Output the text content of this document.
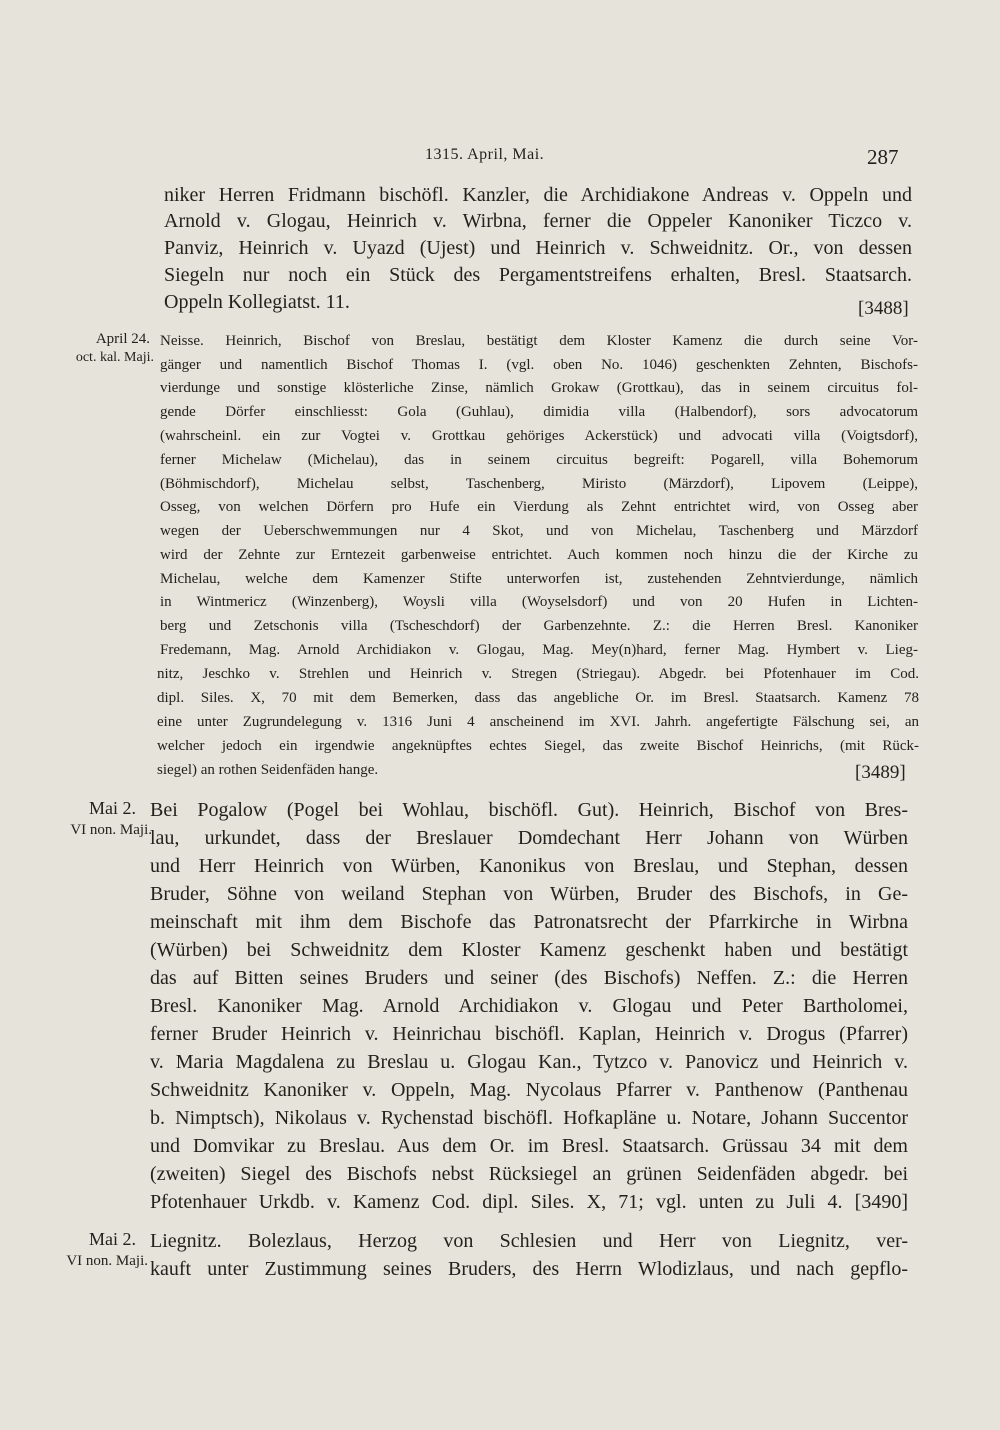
1315. April, Mai.	287
niker Herren Fridmann bischöfl. Kanzler, die Archidiakone Andreas v. Oppeln und
Arnold v. Glogau, Heinrich v. Wirbna, ferner die Oppeler Kanoniker Ticzco v.
Panviz, Heinrich v. Uyazd (Ujest) und Heinrich v. Schweidnitz. Or., von dessen
Siegeln nur noch ein Stück des Pergamentstreifens erhalten, Bresl. Staatsarch.
Oppeln Kollegiatst. 11.	[3488]
April 24.
oct. kal. Maji.
Neisse. Heinrich, Bischof von Breslau, bestätigt dem Kloster Kamenz die durch seine Vor-
gänger und namentlich Bischof Thomas I. (vgl. oben No. 1046) geschenkten Zehnten, Bischofs-
vierdunge und sonstige klösterliche Zinse, nämlich Grokaw (Grottkau), das in seinem circuitus fol-
gende Dörfer einschliesst: Gola (Guhlau), dimidia villa (Halbendorf), sors advocatorum
(wahrscheinl. ein zur Vogtei v. Grottkau gehöriges Ackerstück) und advocati villa (Voigtsdorf),
ferner Michelaw (Michelau), das in seinem circuitus begreift: Pogarell, villa Bohemorum
(Böhmischdorf), Michelau selbst, Taschenberg, Miristo (Märzdorf), Lipovem (Leippe),
Osseg, von welchen Dörfern pro Hufe ein Vierdung als Zehnt entrichtet wird, von Osseg aber
wegen der Ueberschwemmungen nur 4 Skot, und von Michelau, Taschenberg und Märzdorf
wird der Zehnte zur Erntezeit garbenweise entrichtet. Auch kommen noch hinzu die der Kirche zu
Michelau, welche dem Kamenzer Stifte unterworfen ist, zustehenden Zehntvierdunge, nämlich
in Wintmericz (Winzenberg), Woysli villa (Woyselsdorf) und von 20 Hufen in Lichten-
berg und Zetschonis villa (Tscheschdorf) der Garbenzehnte. Z.: die Herren Bresl. Kanoniker
Fredemann, Mag. Arnold Archidiakon v. Glogau, Mag. Mey(n)hard, ferner Mag. Hymbert v. Lieg-
nitz, Jeschko v. Strehlen und Heinrich v. Stregen (Striegau). Abgedr. bei Pfotenhauer im Cod.
dipl. Siles. X, 70 mit dem Bemerken, dass das angebliche Or. im Bresl. Staatsarch. Kamenz 78
eine unter Zugrundelegung v. 1316 Juni 4 anscheinend im XVI. Jahrh. angefertigte Fälschung sei, an
welcher jedoch ein irgendwie angeknüpftes echtes Siegel, das zweite Bischof Heinrichs, (mit Rück-
siegel) an rothen Seidenfäden hange.	[3489]
Mai 2.
VI non. Maji.
Bei Pogalow (Pogel bei Wohlau, bischöfl. Gut). Heinrich, Bischof von Bres-
lau, urkundet, dass der Breslauer Domdechant Herr Johann von Würben
und Herr Heinrich von Würben, Kanonikus von Breslau, und Stephan, dessen
Bruder, Söhne von weiland Stephan von Würben, Bruder des Bischofs, in Ge-
meinschaft mit ihm dem Bischofe das Patronatsrecht der Pfarrkirche in Wirbna
(Würben) bei Schweidnitz dem Kloster Kamenz geschenkt haben und bestätigt
das auf Bitten seines Bruders und seiner (des Bischofs) Neffen. Z.: die Herren
Bresl. Kanoniker Mag. Arnold Archidiakon v. Glogau und Peter Bartholomei,
ferner Bruder Heinrich v. Heinrichau bischöfl. Kaplan, Heinrich v. Drogus (Pfarrer)
v. Maria Magdalena zu Breslau u. Glogau Kan., Tytzco v. Panovicz und Heinrich v.
Schweidnitz Kanoniker v. Oppeln, Mag. Nycolaus Pfarrer v. Panthenow (Panthenau
b. Nimptsch), Nikolaus v. Rychenstad bischöfl. Hofkapläne u. Notare, Johann Succentor
und Domvikar zu Breslau. Aus dem Or. im Bresl. Staatsarch. Grüssau 34 mit dem
(zweiten) Siegel des Bischofs nebst Rücksiegel an grünen Seidenfäden abgedr. bei
Pfotenhauer Urkdb. v. Kamenz Cod. dipl. Siles. X, 71; vgl. unten zu Juli 4. [3490]
Mai 2.
VI non. Maji.
Liegnitz. Bolezlaus, Herzog von Schlesien und Herr von Liegnitz, ver-
kauft unter Zustimmung seines Bruders, des Herrn Wlodizlaus, und nach gepflo-
